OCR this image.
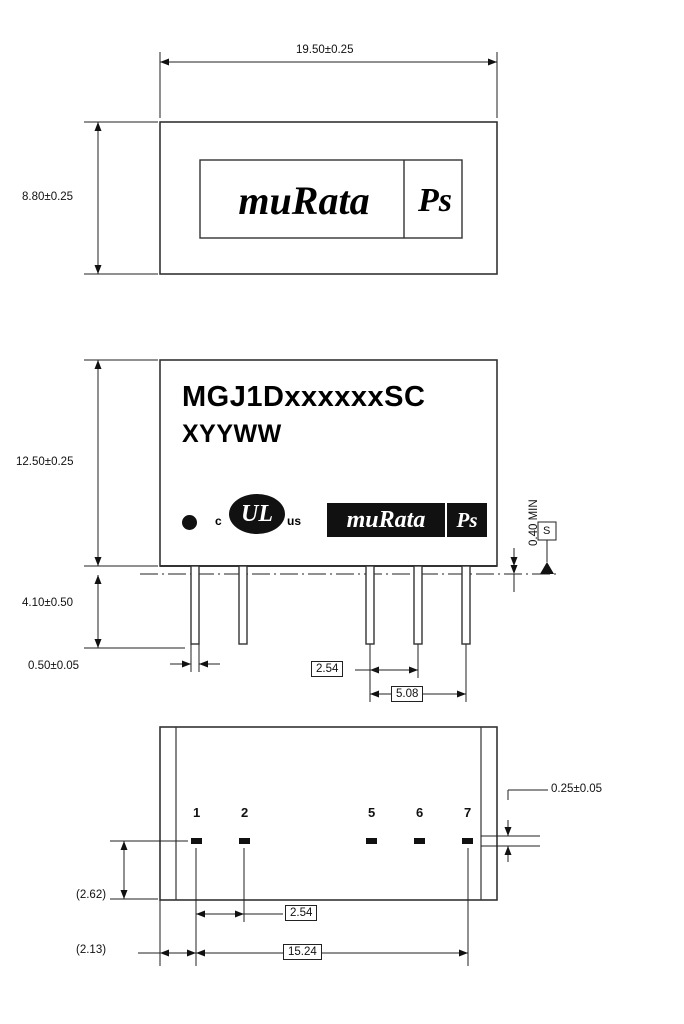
19.50±0.25
8.80±0.25	muRata	Ps
MGJ1DxxxxxxSC
XYYWW
12.50±0.25
4.10±0.50
0.50±0.05	2.54
5.08
0.40 MIN S
c UL	us	muRata	Ps
0.25±0.05
(2.62)
(2.13)
2.54
15.24
1	2	5	6	7
